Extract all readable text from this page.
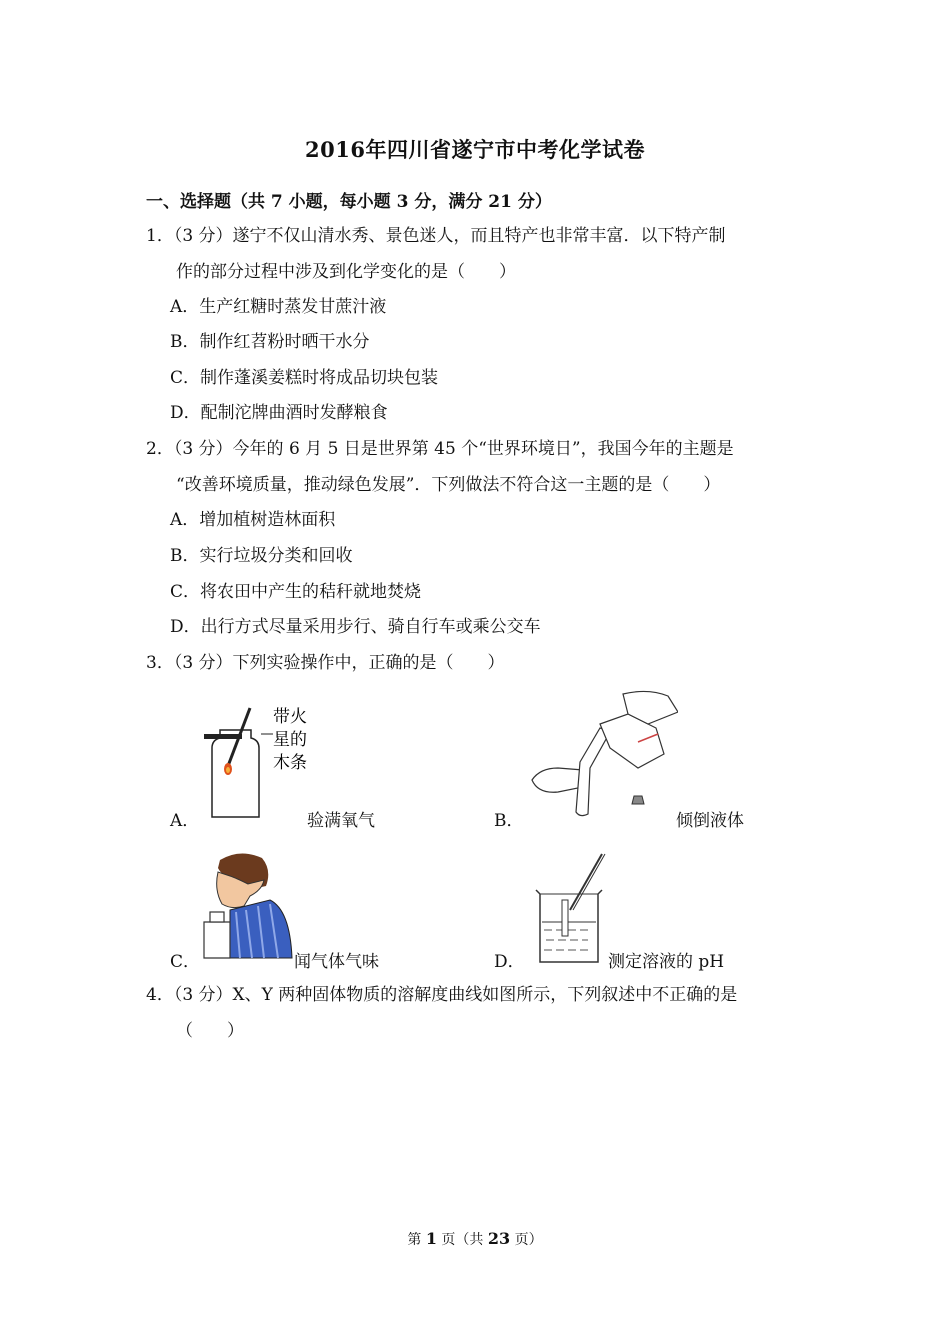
2016年四川省遂宁市中考化学试卷
一、选择题（共 7 小题，每小题 3 分，满分 21 分）
1．（3 分）遂宁不仅山清水秀、景色迷人，而且特产也非常丰富．以下特产制
作的部分过程中涉及到化学变化的是（　　）
A．生产红糖时蒸发甘蔗汁液
B．制作红苕粉时晒干水分
C．制作蓬溪姜糕时将成品切块包装
D．配制沱牌曲酒时发酵粮食
2．（3 分）今年的 6 月 5 日是世界第 45 个“世界环境日”，我国今年的主题是
“改善环境质量，推动绿色发展”．下列做法不符合这一主题的是（　　）
A．增加植树造林面积
B．实行垃圾分类和回收
C．将农田中产生的秸秆就地焚烧
D．出行方式尽量采用步行、骑自行车或乘公交车
3．（3 分）下列实验操作中，正确的是（　　）
带火
星的
木条
A．	验满氧气	B．	倾倒液体
C．	闻气体气味	D．	测定溶液的 pH
4．（3 分）X、Y 两种固体物质的溶解度曲线如图所示，下列叙述中不正确的是
（　　）
第 1 页（共 23 页）
